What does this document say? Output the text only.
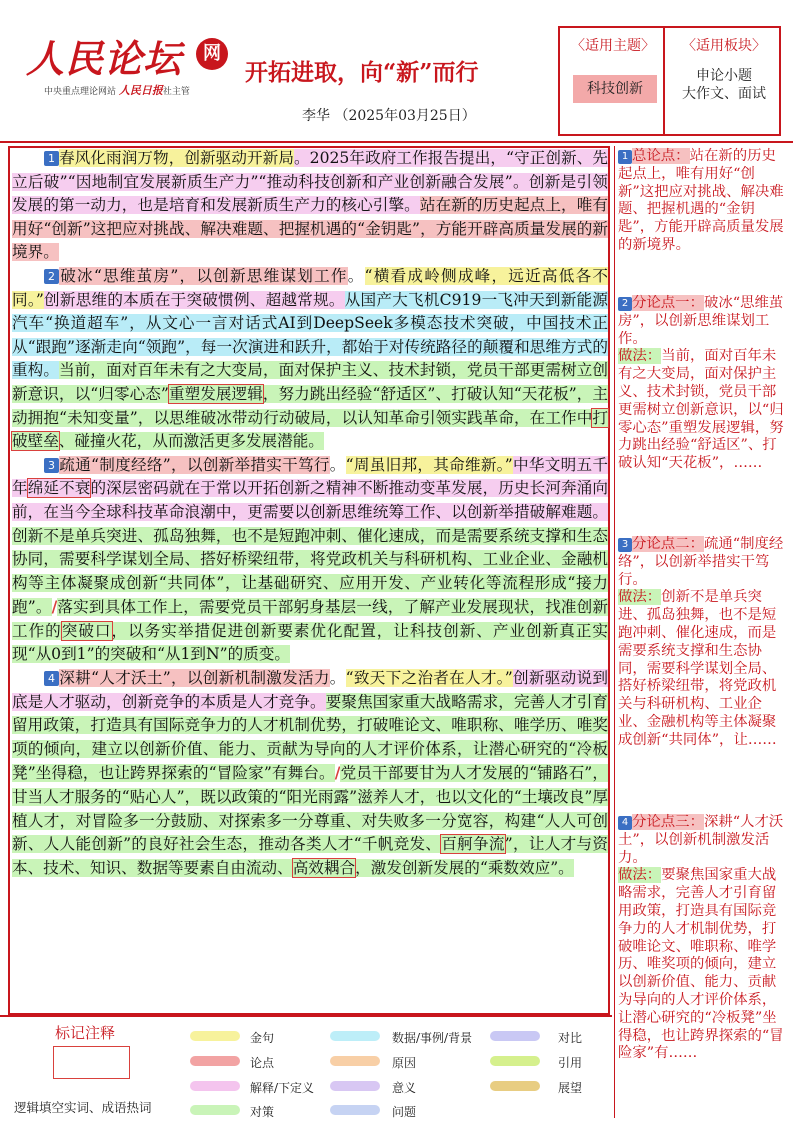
人民论坛	网
中央重点理论网站 人民日报社主管
开拓进取，向“新”而行
李华 （2025年03月25日）
〈适用主题〉	〈适用板块〉
科技创新
申论小题
大作文、面试

1 春风化雨润万物，创新驱动开新局。2025年政府工作报告提出，“守正创新、先立后破”“因地制宜发展新质生产力”“推动科技创新和产业创新融合发展”。创新是引领发展的第一动力，也是培育和发展新质生产力的核心引擎。站在新的历史起点上，唯有用好“创新”这把应对挑战、解决难题、把握机遇的“金钥匙”，方能开辟高质量发展的新境界。

2 破冰“思维茧房”，以创新思维谋划工作。“横看成岭侧成峰，远近高低各不同。”创新思维的本质在于突破惯例、超越常规。从国产大飞机C919一飞冲天到新能源汽车“换道超车”，从文心一言对话式AI到DeepSeek多模态技术突破，中国技术正从“跟跑”逐渐走向“领跑”，每一次演进和跃升，都始于对传统路径的颠覆和思维方式的重构。当前，面对百年未有之大变局，面对保护主义、技术封锁，党员干部更需树立创新意识，以“归零心态”重塑发展逻辑，努力跳出经验“舒适区”、打破认知“天花板”，主动拥抱“未知变量”，以思维破冰带动行动破局，以认知革命引领实践革命，在工作中打破壁垒、碰撞火花，从而激活更多发展潜能。

3 疏通“制度经络”，以创新举措实干笃行。“周虽旧邦，其命维新。”中华文明五千年绵延不衰的深层密码就在于常以开拓创新之精神不断推动变革发展，历史长河奔涌向前，在当今全球科技革命浪潮中，更需要以创新思维统筹工作、以创新举措破解难题。创新不是单兵突进、孤岛独舞，也不是短跑冲刺、催化速成，而是需要系统支撑和生态协同，需要科学谋划全局、搭好桥梁纽带，将党政机关与科研机构、工业企业、金融机构等主体凝聚成创新“共同体”，让基础研究、应用开发、产业转化等流程形成“接力跑”。/落实到具体工作上，需要党员干部躬身基层一线，了解产业发展现状，找准创新工作的突破口，以务实举措促进创新要素优化配置，让科技创新、产业创新真正实现“从0到1”的突破和“从1到N”的质变。

4 深耕“人才沃土”，以创新机制激发活力。“致天下之治者在人才。”创新驱动说到底是人才驱动，创新竞争的本质是人才竞争。要聚焦国家重大战略需求，完善人才引育留用政策，打造具有国际竞争力的人才机制优势，打破唯论文、唯职称、唯学历、唯奖项的倾向，建立以创新价值、能力、贡献为导向的人才评价体系，让潜心研究的“冷板凳”坐得稳，也让跨界探索的“冒险家”有舞台。/党员干部要甘为人才发展的“铺路石”，甘当人才服务的“贴心人”，既以政策的“阳光雨露”滋养人才，也以文化的“土壤改良”厚植人才，对冒险多一分鼓励、对探索多一分尊重、对失败多一分宽容，构建“人人可创新、人人能创新”的良好社会生态，推动各类人才“千帆竞发、百舸争流”，让人才与资本、技术、知识、数据等要素自由流动、高效耦合，激发创新发展的“乘数效应”。

1 总论点：站在新的历史起点上，唯有用好“创新”这把应对挑战、解决难题、把握机遇的“金钥匙”，方能开辟高质量发展的新境界。
2 分论点一：破冰“思维茧房”，以创新思维谋划工作。
做法：当前，面对百年未有之大变局，面对保护主义、技术封锁，党员干部更需树立创新意识，以“归零心态”重塑发展逻辑，努力跳出经验“舒适区”、打破认知“天花板”，……
3 分论点二：疏通“制度经络”，以创新举措实干笃行。
做法：创新不是单兵突进、孤岛独舞，也不是短跑冲刺、催化速成，而是需要系统支撑和生态协同，需要科学谋划全局、搭好桥梁纽带，将党政机关与科研机构、工业企业、金融机构等主体凝聚成创新“共同体”，让……
4 分论点三：深耕“人才沃土”，以创新机制激发活力。
做法：要聚焦国家重大战略需求，完善人才引育留用政策，打造具有国际竞争力的人才机制优势，打破唯论文、唯职称、唯学历、唯奖项的倾向，建立以创新价值、能力、贡献为导向的人才评价体系，让潜心研究的“冷板凳”坐得稳，也让跨界探索的“冒险家”有……
标记注释
逻辑填空实词、成语热词
金句
论点
解释/下定义
对策
数据/事例/背景
原因
意义
问题
对比
引用
展望
